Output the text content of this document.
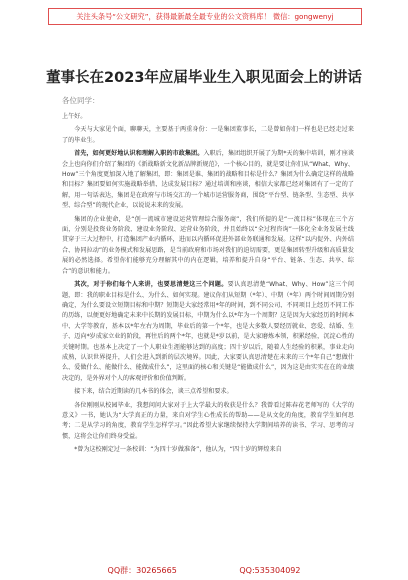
关注头条号“公文研究”，获得最新最全最专业的公文资料库！ 微信：gongwenyj
董事长在2023年应届毕业生入职见面会上的讲话
各位同学：

上午好。

今天与大家见个面，聊聊天，主要基于两重身份：一是集团董事长，二是曾如你们一样也是已经走过来了的毕业生。

首先，如何更好地认识和理解入职的市政集团。入职后，集团组织开展了为期*天的集中培训，刚才座谈会上也向你们介绍了集团的《新战略新文化新品牌新规范》，一个核心目的，就是要让你们从“What、Why、How”三个角度更加深入地了解集团，即：集团是谁、集团的战略和目标是什么？集团为什么确定这样的战略和目标？集团要如何实施战略举措、达成发展目标？通过培训和座谈，相信大家都已经对集团有了一定的了解，用一句话表达，集团是在政府与市场交汇的一个城市运营服务商，围绕“平台型、链条型、生态型、共享型、综合型”的现代企业，以说说未来的发展。

集团的企业使命，是“创一流城市建设运营管理综合服务商”，我们所提的是“一流目标”体现在三个方面，分别是投资业务阶段、建设业务阶段、运营业务阶段，并且始终以“全过程咨询”一体化全业务发展主线贯穿于三大过程中，打造集团产业内循环，进而以内循环促进外部业务联通和发展。这样“以内促外、内外结合、协同拉动”的业务模式和发展思路，是当前政府和市场对我们的迫切需要，更是集团转型升级和高质量发展的必然选择。希望你们能够充分理解其中的内在逻辑，培养和提升自身“平台、链条、生态、共享、综合”的意识和能力。

其次，对于你们每个人来讲，也要思清楚这三个问题。要认真思清楚“What、Why、How”这三个问题，即：我的职业目标是什么、为什么、如何实现。建议你们从短期（*年）、中期（*年）两个时间周期分别确定，为什么要设立短期目标和中期？短期是大家经常用*年的时间，到不同公司、不同项目上经历不同工作的历练，以便更好地确定未来中长期的发展目标，中期为什么以*年为一个周期？这是因为大家经历的时间本中、大学等教育，基本以*年左右为周期，毕业后的第一个*年，也是大多数人要经历就业、恋爱、结婚、生子、迈向*岁成家立业的阶段，再往后的两个*年，也就是*岁以前，是大家磨炼本领，积累经验，沉淀心性的关键时期。也基本上决定了一个人职业生涯能够达到的高度；四十岁以后，随着人生经验的积累，事业走向成熟，认识世界提升，人们会进入到新的层次境界。因此，大家要认真思清楚在未来的三个*年自己“想做什么、爱做什么、能做什么、能做成什么”，这里面的核心和关键是“能做成什么”，因为这是由实实在在的业绩决定的，是外界对个人的客观评价和价值判断。

接下来，结合近期读的几本书的体会，谈三点希望和要求。

各位刚刚从校园毕业，我想问问大家对于上大学最大的收获是什么？我曾看过陈春花老师写的《大学的意义》一书，她认为“大学真正的力量，来自对学生心性成长的帮助——是从文化的角度，教育学生如何思考；二是从学习的角度，教育学生怎样学习。”因此希望大家继续保持大学期间培养的读书、学习、思考的习惯，这将会让你们终身受益。

*曾为这校刚定过一条校训：“为四十岁做准备”，他认为，“四十岁的辉煌来自

QQ群：30265665	QQ:535304092
